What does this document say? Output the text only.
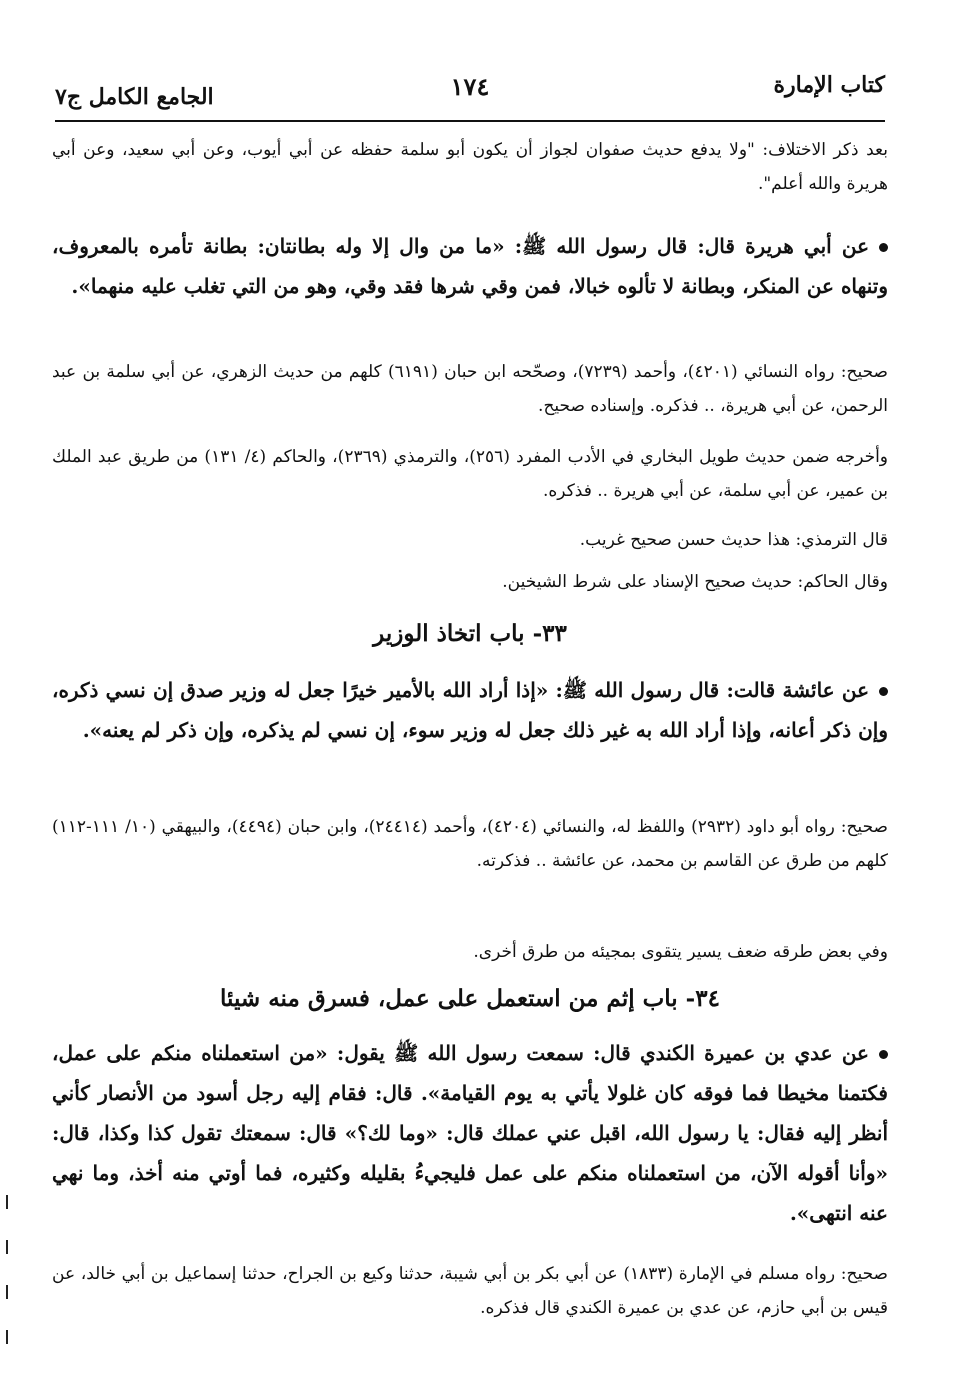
كتاب الإمارة
١٧٤
الجامع الكامل ج٧
بعد ذكر الاختلاف: "ولا يدفع حديث صفوان لجواز أن يكون أبو سلمة حفظه عن أبي أيوب، وعن أبي سعيد، وعن أبي هريرة والله أعلم".
عن أبي هريرة قال: قال رسول الله ﷺ: «ما من وال إلا وله بطانتان: بطانة تأمره بالمعروف، وتنهاه عن المنكر، وبطانة لا تألوه خبالا، فمن وقي شرها فقد وقي، وهو من التي تغلب عليه منهما».
صحيح: رواه النسائي (٤٢٠١)، وأحمد (٧٢٣٩)، وصحّحه ابن حبان (٦١٩١) كلهم من حديث الزهري، عن أبي سلمة بن عبد الرحمن، عن أبي هريرة، .. فذكره. وإسناده صحيح.
وأخرجه ضمن حديث طويل البخاري في الأدب المفرد (٢٥٦)، والترمذي (٢٣٦٩)، والحاكم (٤/ ١٣١) من طريق عبد الملك بن عمير، عن أبي سلمة، عن أبي هريرة .. فذكره.
قال الترمذي: هذا حديث حسن صحيح غريب.
وقال الحاكم: حديث صحيح الإسناد على شرط الشيخين.
٣٣- باب اتخاذ الوزير
عن عائشة قالت: قال رسول الله ﷺ: «إذا أراد الله بالأمير خيرًا جعل له وزير صدق إن نسي ذكره، وإن ذكر أعانه، وإذا أراد الله به غير ذلك جعل له وزير سوء، إن نسي لم يذكره، وإن ذكر لم يعنه».
صحيح: رواه أبو داود (٢٩٣٢) واللفظ له، والنسائي (٤٢٠٤)، وأحمد (٢٤٤١٤)، وابن حبان (٤٤٩٤)، والبيهقي (١٠/ ١١١-١١٢) كلهم من طرق عن القاسم بن محمد، عن عائشة .. فذكرته.
وفي بعض طرقه ضعف يسير يتقوى بمجيئه من طرق أخرى.
٣٤- باب إثم من استعمل على عمل، فسرق منه شيئا
عن عدي بن عميرة الكندي قال: سمعت رسول الله ﷺ يقول: «من استعملناه منكم على عمل، فكتمنا مخيطا فما فوقه كان غلولا يأتي به يوم القيامة». قال: فقام إليه رجل أسود من الأنصار كأني أنظر إليه فقال: يا رسول الله، اقبل عني عملك قال: «وما لك؟» قال: سمعتك تقول كذا وكذا، قال: «وأنا أقوله الآن، من استعملناه منكم على عمل فليجيءُ بقليله وكثيره، فما أوتي منه أخذ، وما نهي عنه انتهى».
صحيح: رواه مسلم في الإمارة (١٨٣٣) عن أبي بكر بن أبي شيبة، حدثنا وكيع بن الجراح، حدثنا إسماعيل بن أبي خالد، عن قيس بن أبي حازم، عن عدي بن عميرة الكندي قال فذكره.
